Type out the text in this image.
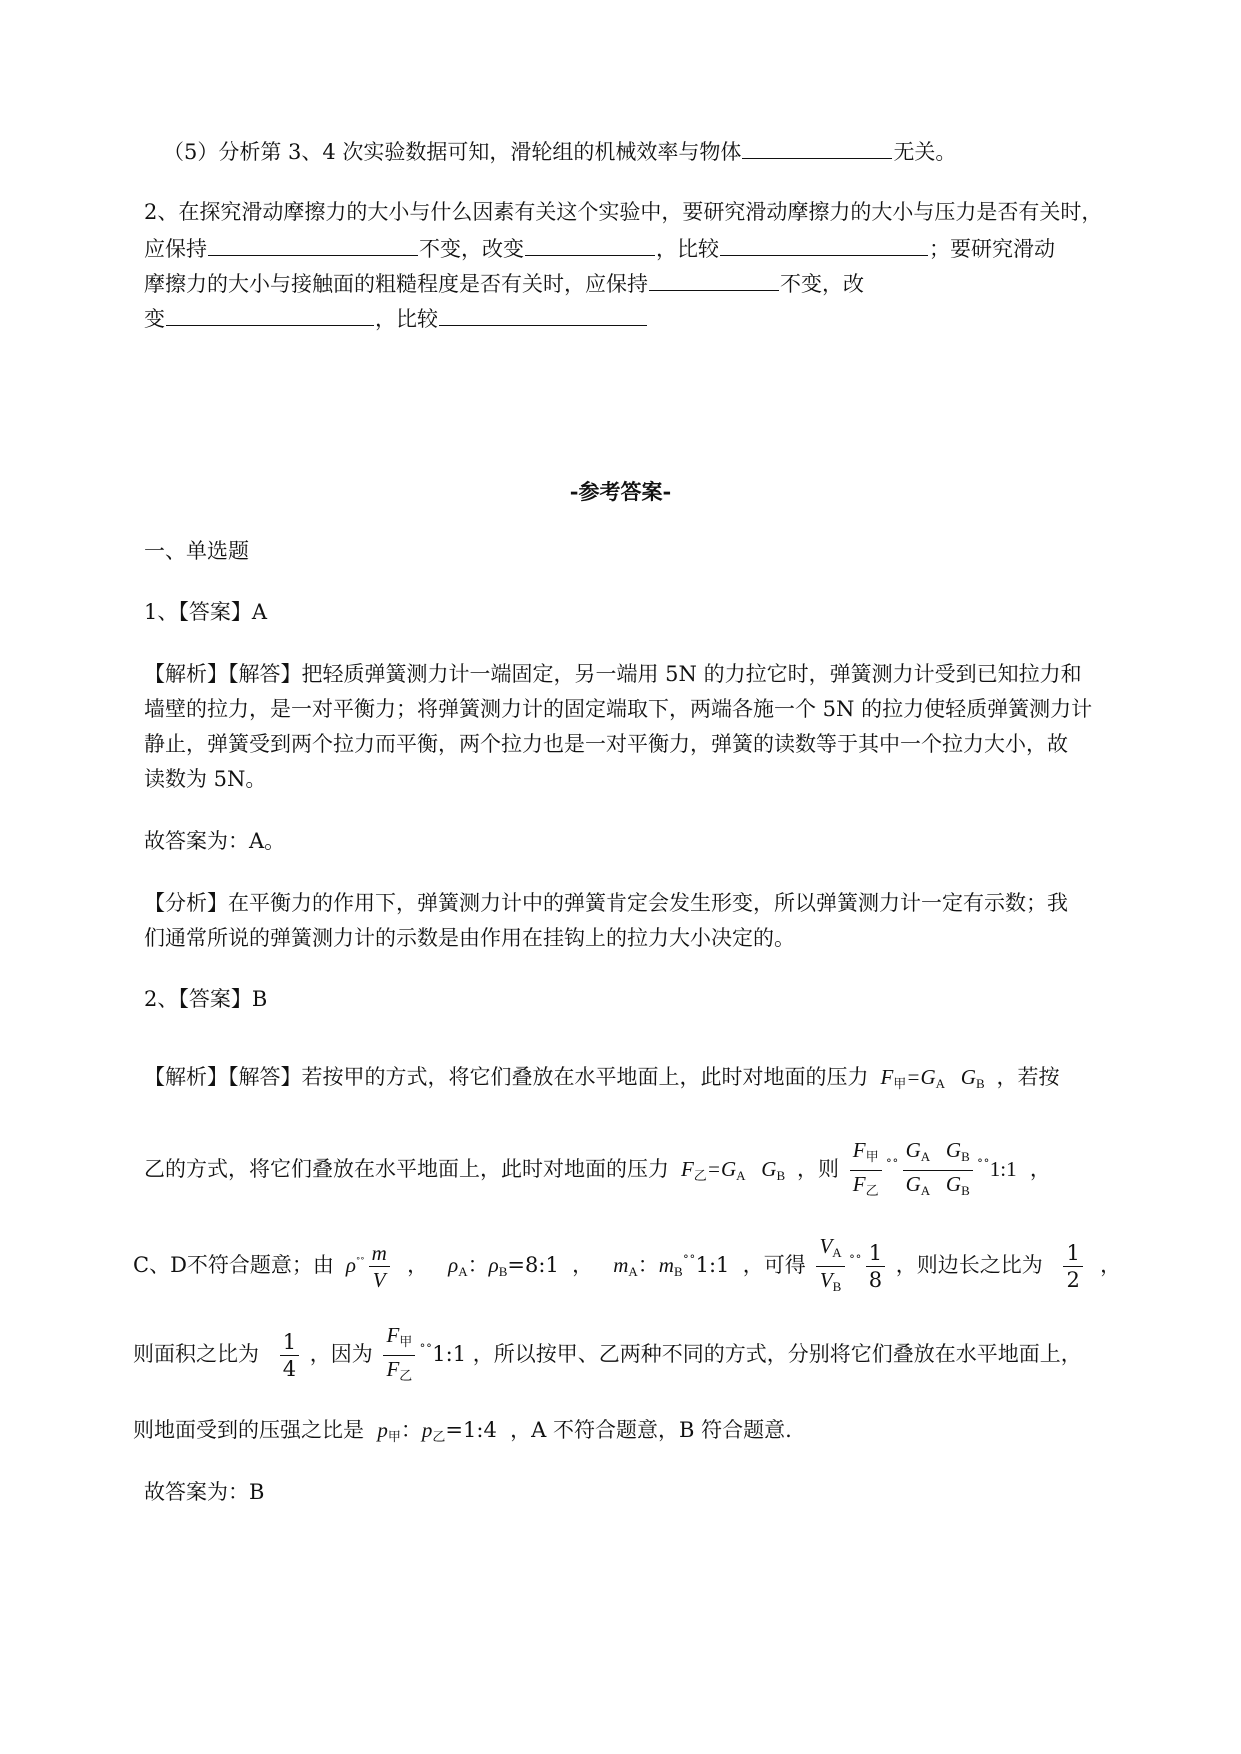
（5）分析第 3、4 次实验数据可知，滑轮组的机械效率与物体	无关。
2、在探究滑动摩擦力的大小与什么因素有关这个实验中，要研究滑动摩擦力的大小与压力是否有关时，
应保持	不变，改变	，比较	；要研究滑动
摩擦力的大小与接触面的粗糙程度是否有关时，应保持	不变，改
变	，比较
-参考答案-
一、单选题
1、【答案】A
【解析】【解答】把轻质弹簧测力计一端固定，另一端用 5N 的力拉它时，弹簧测力计受到已知拉力和
墙壁的拉力，是一对平衡力；将弹簧测力计的固定端取下，两端各施一个 5N 的拉力使轻质弹簧测力计
静止，弹簧受到两个拉力而平衡，两个拉力也是一对平衡力，弹簧的读数等于其中一个拉力大小，故
读数为 5N。
故答案为：A。
【分析】在平衡力的作用下，弹簧测力计中的弹簧肯定会发生形变，所以弹簧测力计一定有示数；我
们通常所说的弹簧测力计的示数是由作用在挂钩上的拉力大小决定的。
2、【答案】B
【解析】【解答】若按甲的方式，将它们叠放在水平地面上，此时对地面的压力  $F_甲=G_A$   $G_B$ ，若按
乙的方式，将它们叠放在水平地面上，此时对地面的压力  $F_乙=G_A$   $G_B$ ，则 $\frac{F_甲}{F_乙} ^{˚˚} \frac{G_A G_B}{G_A G_B}$ ˚˚1:1  ，
C、D不符合题意；由  $\rho^{˚˚} \frac{m}{V}$ ，   $\rho_A$：$\rho_B=8:1$  ，   $m_A$：$m_B^{˚˚}1:1$  ，可得 $\frac{V_A}{V_B} ^{˚˚} \frac{1}{8}$ ，则边长之比为 $\frac{1}{2}$ ，
则面积之比为 $\frac{1}{4}$ ，因为 $\frac{F_甲}{F_乙}$ ˚˚1:1 ，所以按甲、乙两种不同的方式，分别将它们叠放在水平地面上，
则地面受到的压强之比是 $p_甲$：$p_乙=1:4$  ，A 不符合题意，B 符合题意.
故答案为：B
